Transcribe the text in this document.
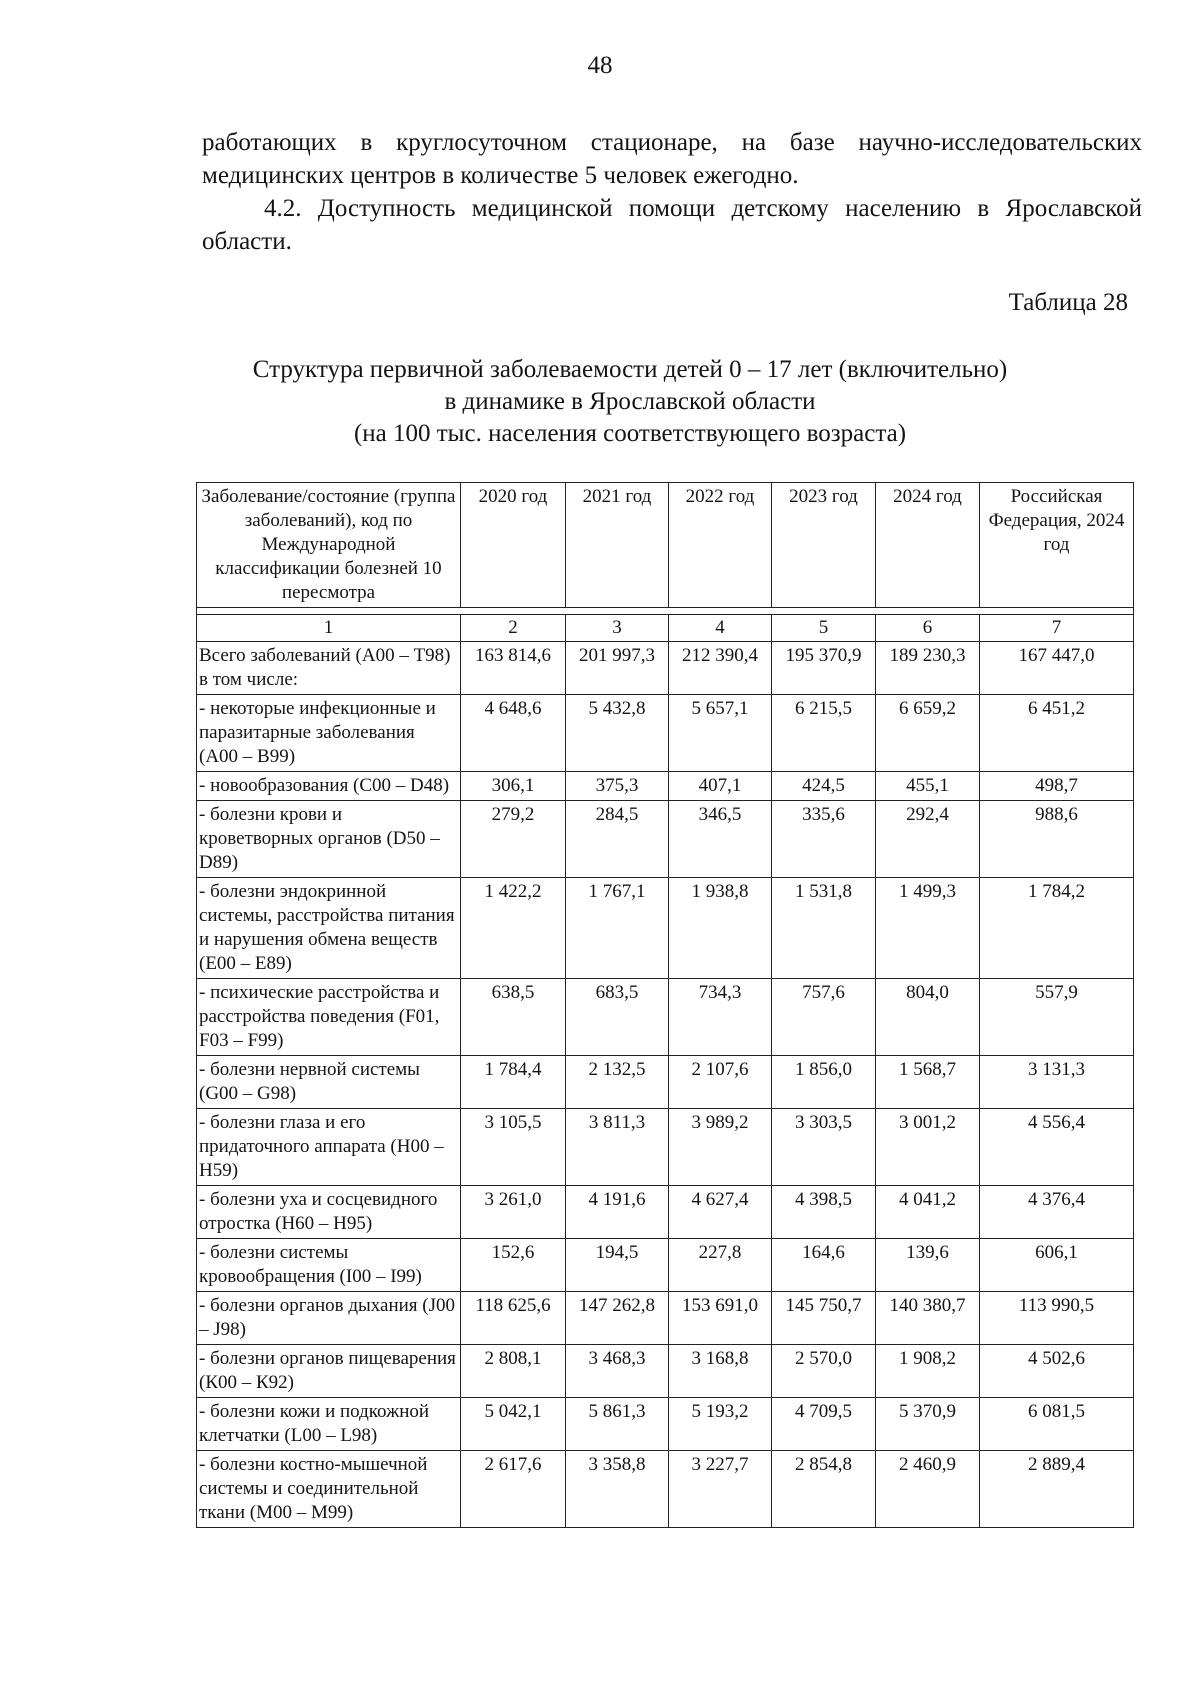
48

работающих в круглосуточном стационаре, на базе научно-исследовательских медицинских центров в количестве 5 человек ежегодно.

4.2. Доступность медицинской помощи детскому населению в Ярославской области.

Таблица 28
Структура первичной заболеваемости детей 0 – 17 лет (включительно)
в динамике в Ярославской области
(на 100 тыс. населения соответствующего возраста)
Заболевание/состояние (группа заболеваний), код по Международной классификации болезней 10 пересмотра	2020 год	2021 год	2022 год	2023 год	2024 год	Российская Федерация, 2024 год

1	2	3	4	5	6	7
Всего заболеваний (А00 – Т98) в том числе:	163 814,6	201 997,3	212 390,4	195 370,9	189 230,3	167 447,0
- некоторые инфекционные и паразитарные заболевания (А00 – В99)	4 648,6	5 432,8	5 657,1	6 215,5	6 659,2	6 451,2
- новообразования (С00 – D48)	306,1	375,3	407,1	424,5	455,1	498,7
- болезни крови и кроветворных органов (D50 – D89)	279,2	284,5	346,5	335,6	292,4	988,6
- болезни эндокринной системы, расстройства питания и нарушения обмена веществ (Е00 – Е89)	1 422,2	1 767,1	1 938,8	1 531,8	1 499,3	1 784,2
- психические расстройства и расстройства поведения (F01, F03 – F99)	638,5	683,5	734,3	757,6	804,0	557,9
- болезни нервной системы (G00 – G98)	1 784,4	2 132,5	2 107,6	1 856,0	1 568,7	3 131,3
- болезни глаза и его придаточного аппарата (Н00 – Н59)	3 105,5	3 811,3	3 989,2	3 303,5	3 001,2	4 556,4
- болезни уха и сосцевидного отростка (Н60 – Н95)	3 261,0	4 191,6	4 627,4	4 398,5	4 041,2	4 376,4
- болезни системы кровообращения (I00 – I99)	152,6	194,5	227,8	164,6	139,6	606,1
- болезни органов дыхания (J00 – J98)	118 625,6	147 262,8	153 691,0	145 750,7	140 380,7	113 990,5
- болезни органов пищеварения (К00 – К92)	2 808,1	3 468,3	3 168,8	2 570,0	1 908,2	4 502,6
- болезни кожи и подкожной клетчатки (L00 – L98)	5 042,1	5 861,3	5 193,2	4 709,5	5 370,9	6 081,5
- болезни костно-мышечной системы и соединительной ткани (М00 – М99)	2 617,6	3 358,8	3 227,7	2 854,8	2 460,9	2 889,4
